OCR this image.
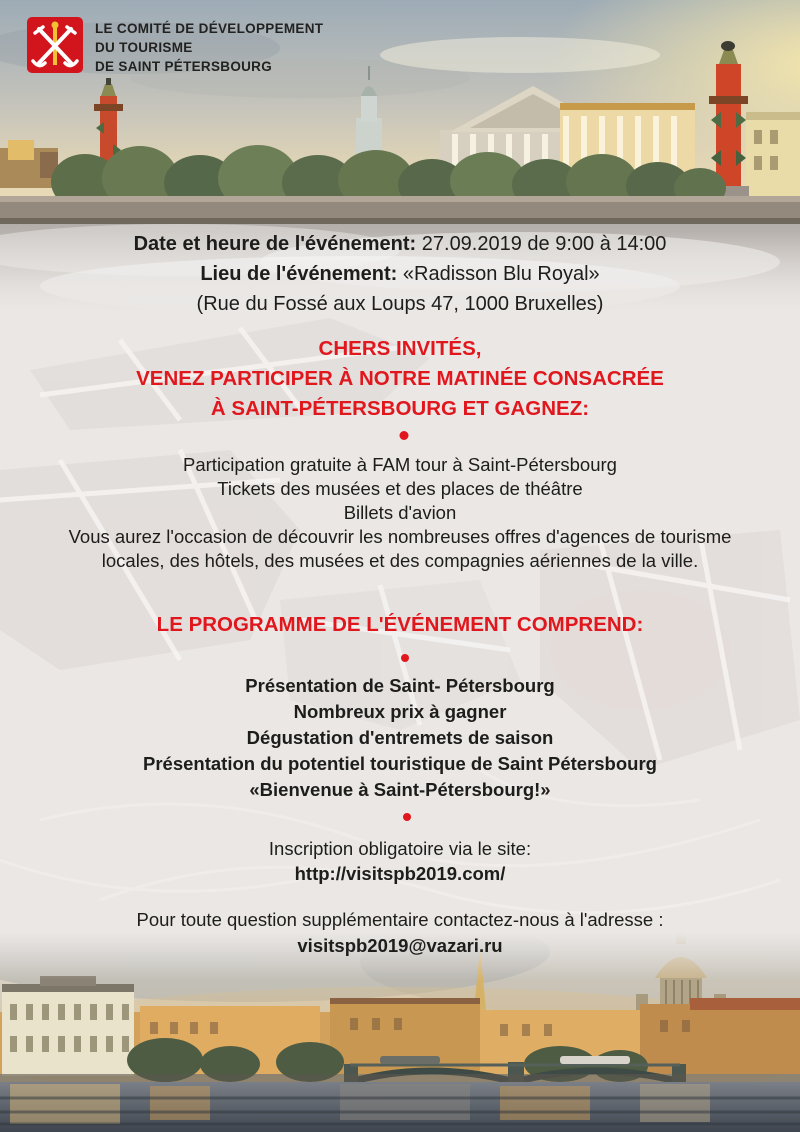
LE COMITÉ DE DÉVELOPPEMENT
DU TOURISME
DE SAINT PÉTERSBOURG
Date et heure de l'événement: 27.09.2019 de 9:00 à 14:00
Lieu de l'événement: «Radisson Blu Royal»
(Rue du Fossé aux Loups 47, 1000 Bruxelles)
CHERS INVITÉS,
VENEZ PARTICIPER À NOTRE MATINÉE CONSACRÉE
À SAINT-PÉTERSBOURG ET GAGNEZ:
Participation gratuite à FAM tour à Saint-Pétersbourg
Tickets des musées et des places de théâtre
Billets d'avion
Vous aurez l'occasion de découvrir les nombreuses offres d'agences de tourisme
locales, des hôtels, des musées et des compagnies aériennes de la ville.
LE PROGRAMME DE L'ÉVÉNEMENT COMPREND:
Présentation de Saint- Pétersbourg
Nombreux prix à gagner
Dégustation d'entremets de saison
Présentation du potentiel touristique de Saint Pétersbourg
«Bienvenue à Saint-Pétersbourg!»
Inscription obligatoire via le site:
http://visitspb2019.com/
Pour toute question supplémentaire contactez-nous à l'adresse :
visitspb2019@vazari.ru
